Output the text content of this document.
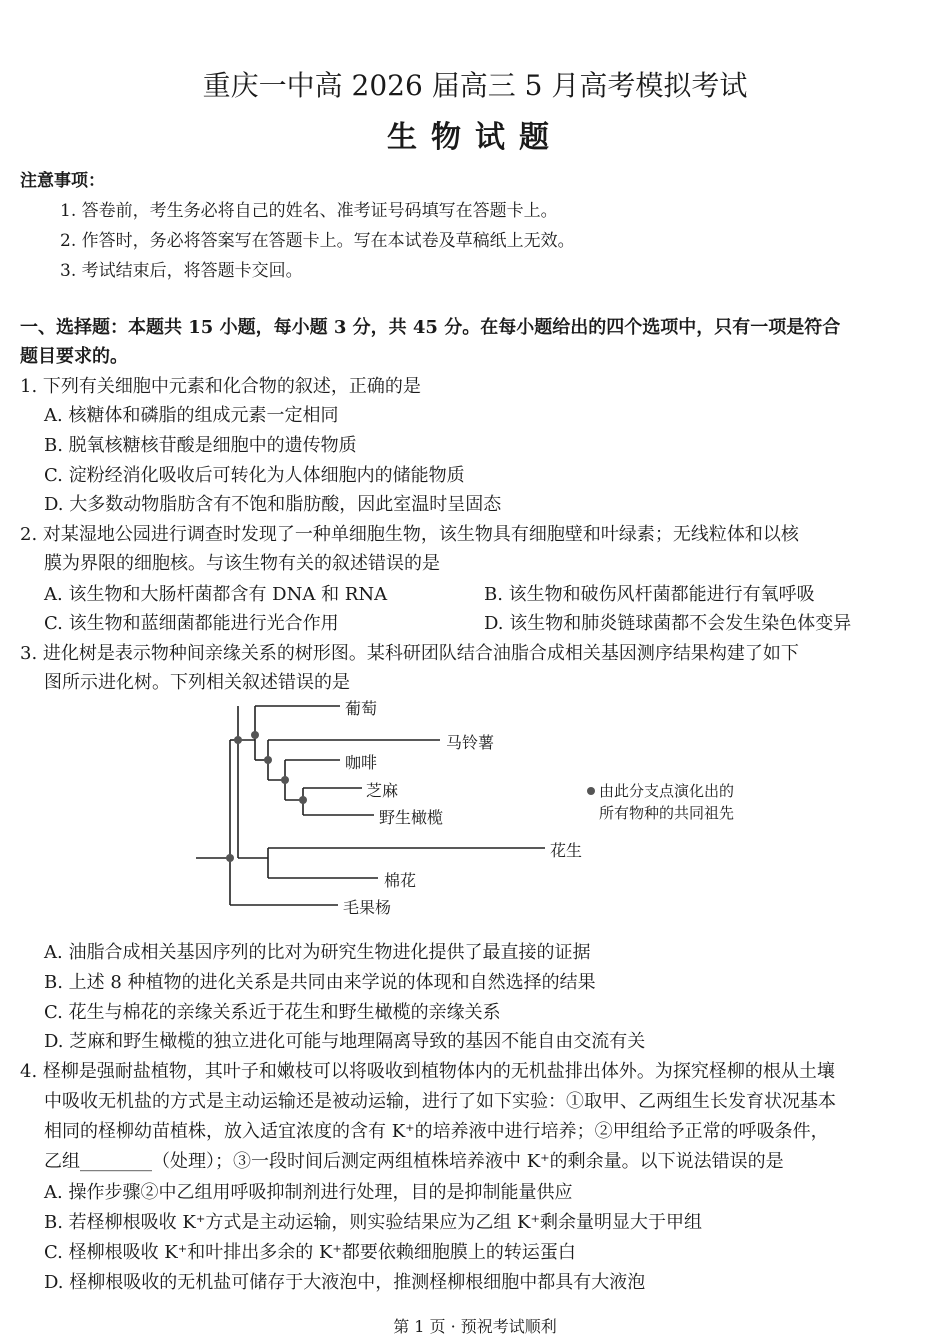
重庆一中高 2026 届高三 5 月高考模拟考试
生物试题
注意事项：
1. 答卷前，考生务必将自己的姓名、准考证号码填写在答题卡上。
2. 作答时，务必将答案写在答题卡上。写在本试卷及草稿纸上无效。
3. 考试结束后，将答题卡交回。
一、选择题：本题共 15 小题，每小题 3 分，共 45 分。在每小题给出的四个选项中，只有一项是符合
题目要求的。
1. 下列有关细胞中元素和化合物的叙述，正确的是
A. 核糖体和磷脂的组成元素一定相同
B. 脱氧核糖核苷酸是细胞中的遗传物质
C. 淀粉经消化吸收后可转化为人体细胞内的储能物质
D. 大多数动物脂肪含有不饱和脂肪酸，因此室温时呈固态
2. 对某湿地公园进行调查时发现了一种单细胞生物，该生物具有细胞壁和叶绿素；无线粒体和以核
膜为界限的细胞核。与该生物有关的叙述错误的是
A. 该生物和大肠杆菌都含有 DNA 和 RNA	B. 该生物和破伤风杆菌都能进行有氧呼吸
C. 该生物和蓝细菌都能进行光合作用	D. 该生物和肺炎链球菌都不会发生染色体变异
3. 进化树是表示物种间亲缘关系的树形图。某科研团队结合油脂合成相关基因测序结果构建了如下
图所示进化树。下列相关叙述错误的是
葡萄
马铃薯
咖啡
芝麻
野生橄榄
花生
棉花
毛果杨
由此分支点演化出的
所有物种的共同祖先
A. 油脂合成相关基因序列的比对为研究生物进化提供了最直接的证据
B. 上述 8 种植物的进化关系是共同由来学说的体现和自然选择的结果
C. 花生与棉花的亲缘关系近于花生和野生橄榄的亲缘关系
D. 芝麻和野生橄榄的独立进化可能与地理隔离导致的基因不能自由交流有关
4. 柽柳是强耐盐植物，其叶子和嫩枝可以将吸收到植物体内的无机盐排出体外。为探究柽柳的根从土壤
中吸收无机盐的方式是主动运输还是被动运输，进行了如下实验：①取甲、乙两组生长发育状况基本
相同的柽柳幼苗植株，放入适宜浓度的含有 K⁺的培养液中进行培养；②甲组给予正常的呼吸条件，
乙组________（处理）；③一段时间后测定两组植株培养液中 K⁺的剩余量。以下说法错误的是
A. 操作步骤②中乙组用呼吸抑制剂进行处理，目的是抑制能量供应
B. 若柽柳根吸收 K⁺方式是主动运输，则实验结果应为乙组 K⁺剩余量明显大于甲组
C. 柽柳根吸收 K⁺和叶排出多余的 K⁺都要依赖细胞膜上的转运蛋白
D. 柽柳根吸收的无机盐可储存于大液泡中，推测柽柳根细胞中都具有大液泡
第 1 页 · 预祝考试顺利
